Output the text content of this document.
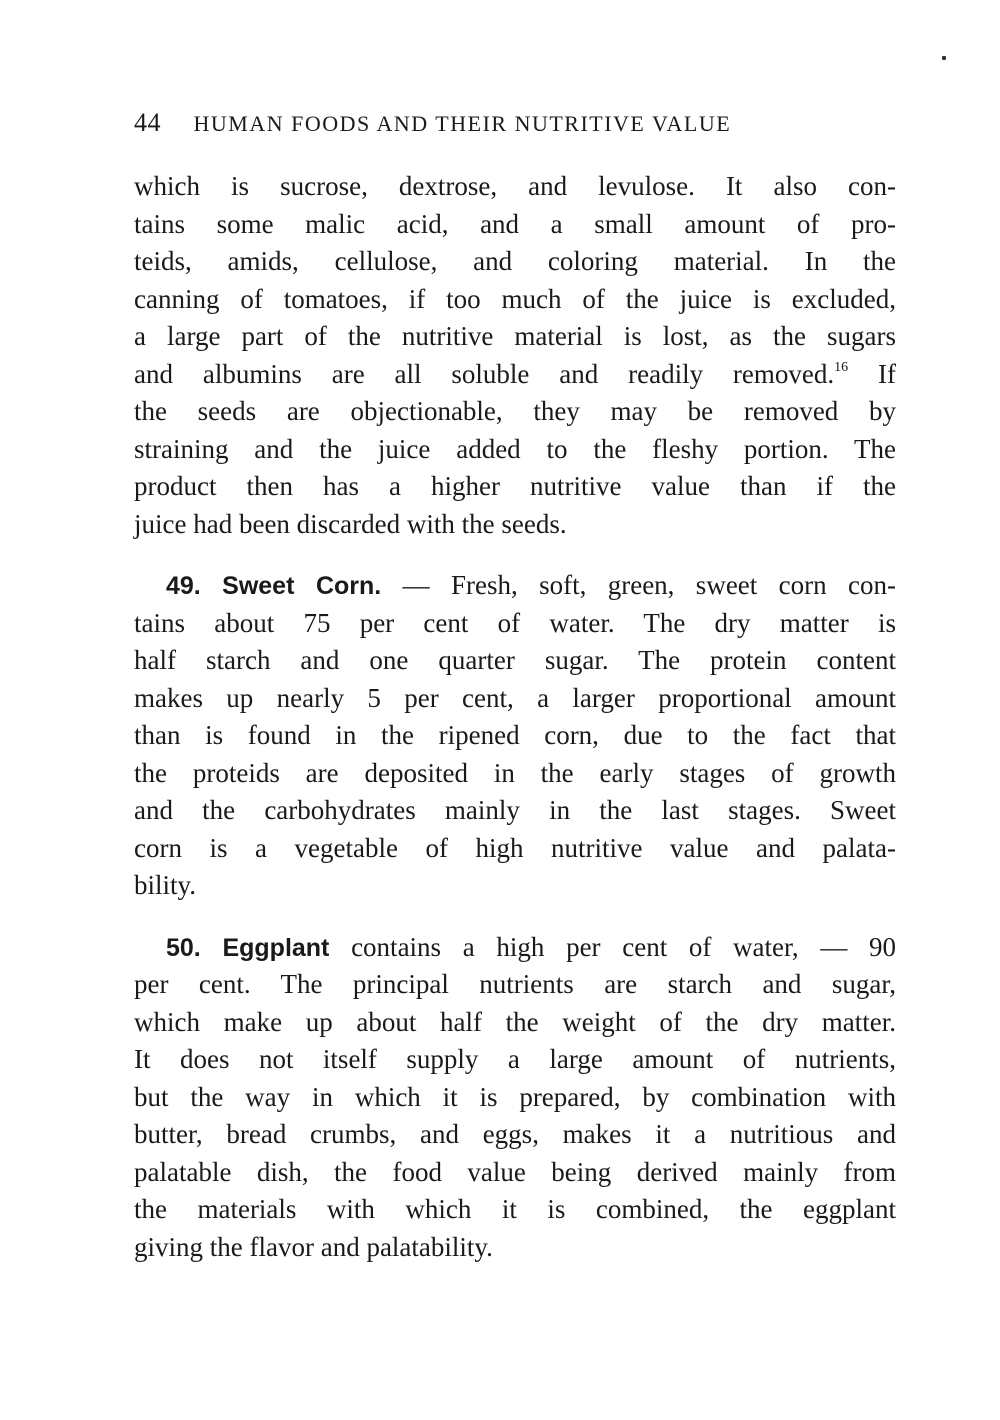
44 HUMAN FOODS AND THEIR NUTRITIVE VALUE
which is sucrose, dextrose, and levulose. It also con-
tains some malic acid, and a small amount of pro-
teids, amids, cellulose, and coloring material. In the
canning of tomatoes, if too much of the juice is excluded,
a large part of the nutritive material is lost, as the sugars
and albumins are all soluble and readily removed.$^{16}$ If
the seeds are objectionable, they may be removed by
straining and the juice added to the fleshy portion. The
product then has a higher nutritive value than if the
juice had been discarded with the seeds.
49. Sweet Corn. — Fresh, soft, green, sweet corn con-
tains about 75 per cent of water. The dry matter is
half starch and one quarter sugar. The protein content
makes up nearly 5 per cent, a larger proportional amount
than is found in the ripened corn, due to the fact that
the proteids are deposited in the early stages of growth
and the carbohydrates mainly in the last stages. Sweet
corn is a vegetable of high nutritive value and palata-
bility.
50. Eggplant contains a high per cent of water, — 90
per cent. The principal nutrients are starch and sugar,
which make up about half the weight of the dry matter.
It does not itself supply a large amount of nutrients,
but the way in which it is prepared, by combination with
butter, bread crumbs, and eggs, makes it a nutritious and
palatable dish, the food value being derived mainly from
the materials with which it is combined, the eggplant
giving the flavor and palatability.
